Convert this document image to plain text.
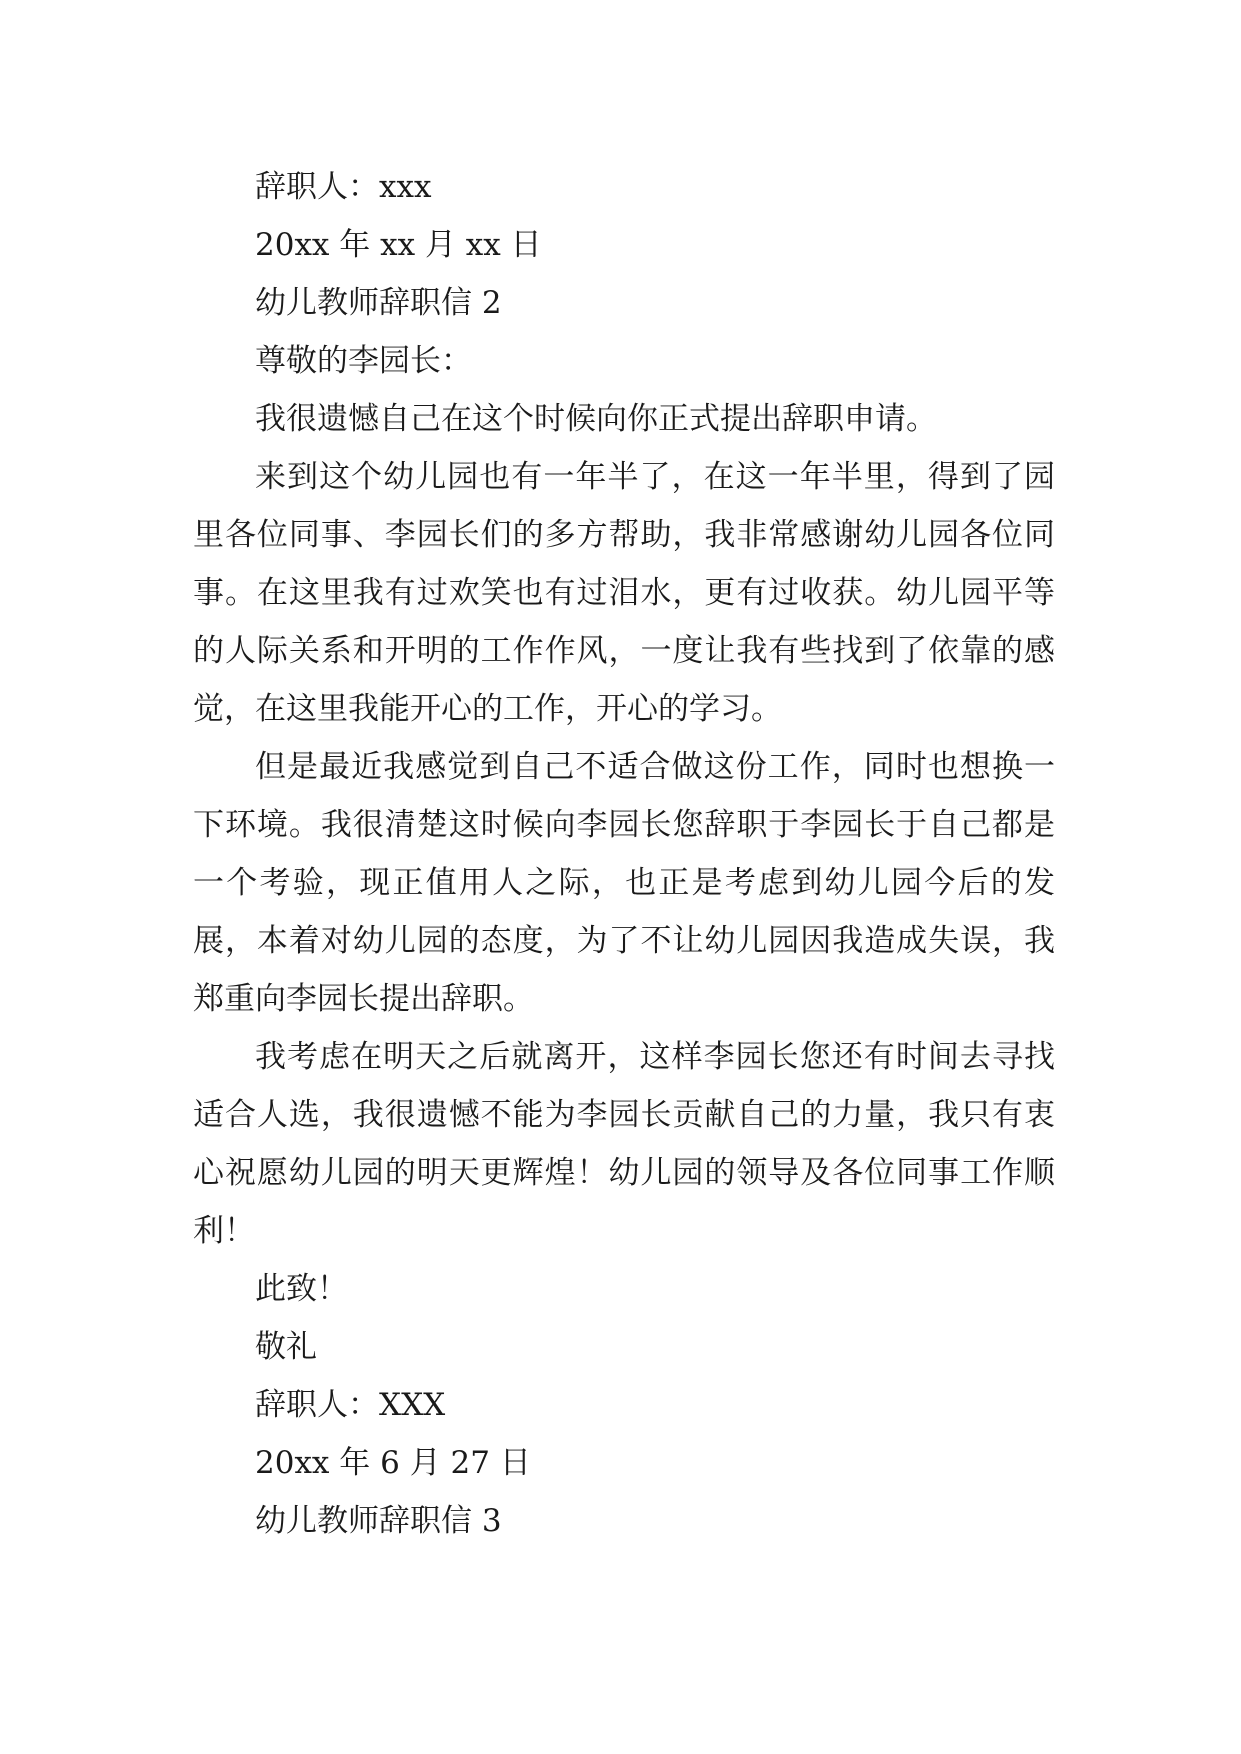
辞职人：xxx
20xx 年 xx 月 xx 日
幼儿教师辞职信 2
尊敬的李园长：

我很遗憾自己在这个时候向你正式提出辞职申请。

来到这个幼儿园也有一年半了，在这一年半里，得到了园里各位同事、李园长们的多方帮助，我非常感谢幼儿园各位同事。在这里我有过欢笑也有过泪水，更有过收获。幼儿园平等的人际关系和开明的工作作风，一度让我有些找到了依靠的感觉，在这里我能开心的工作，开心的学习。

但是最近我感觉到自己不适合做这份工作，同时也想换一下环境。我很清楚这时候向李园长您辞职于李园长于自己都是一个考验，现正值用人之际，也正是考虑到幼儿园今后的发展，本着对幼儿园的态度，为了不让幼儿园因我造成失误，我郑重向李园长提出辞职。

我考虑在明天之后就离开，这样李园长您还有时间去寻找适合人选，我很遗憾不能为李园长贡献自己的力量，我只有衷心祝愿幼儿园的明天更辉煌！幼儿园的领导及各位同事工作顺利！

此致！
敬礼
辞职人：XXX
20xx 年 6 月 27 日
幼儿教师辞职信 3
